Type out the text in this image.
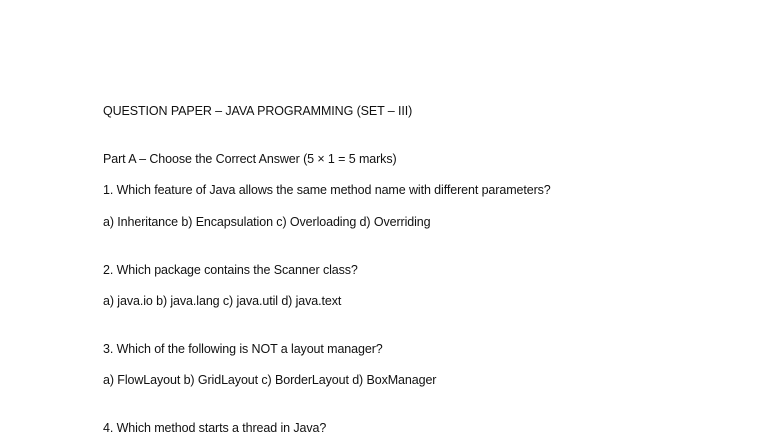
QUESTION PAPER – JAVA PROGRAMMING (SET – III)
Part A – Choose the Correct Answer (5 × 1 = 5 marks)
1. Which feature of Java allows the same method name with different parameters?
a) Inheritance b) Encapsulation c) Overloading d) Overriding
2. Which package contains the Scanner class?
a) java.io b) java.lang c) java.util d) java.text
3. Which of the following is NOT a layout manager?
a) FlowLayout b) GridLayout c) BorderLayout d) BoxManager
4. Which method starts a thread in Java?
